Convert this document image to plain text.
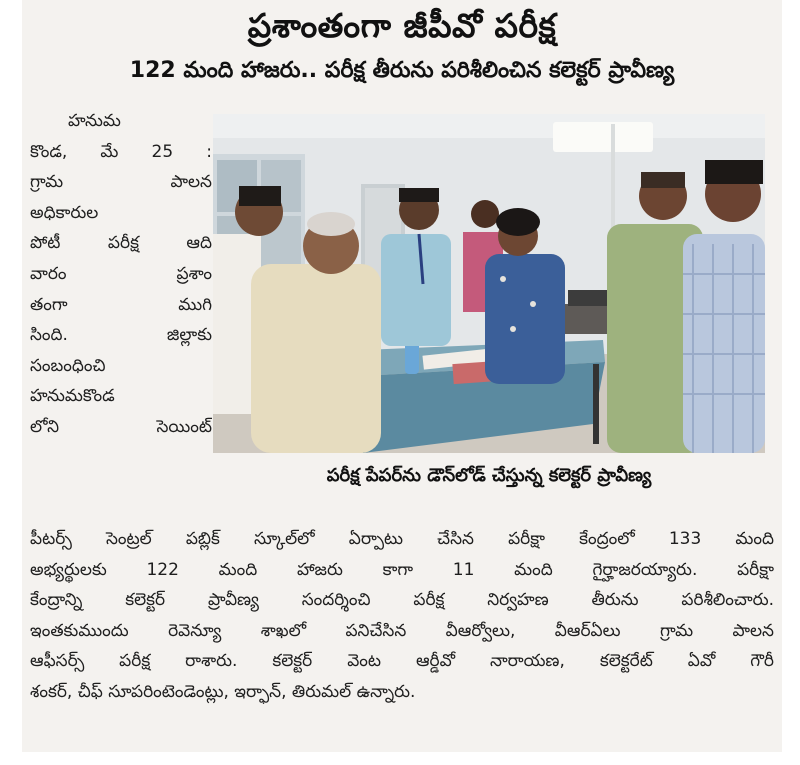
ప్రశాంతంగా జీపీవో పరీక్ష
122 మంది హాజరు.. పరీక్ష తీరును పరిశీలించిన కలెక్టర్ ప్రావీణ్య
హనుమ
కొండ, మే 25 :
గ్రామ పాలన
అధికారుల
పోటీ పరీక్ష ఆది
వారం ప్రశాం
తంగా ముగి
సింది. జిల్లాకు
సంబంధించి
హనుమకొండ
లోని సెయింట్
పరీక్ష పేపర్‌ను డౌన్‌లోడ్ చేస్తున్న కలెక్టర్ ప్రావీణ్య
పీటర్స్ సెంట్రల్ పబ్లిక్ స్కూల్‌లో ఏర్పాటు చేసిన పరీక్షా కేంద్రంలో 133 మంది
అభ్యర్థులకు 122 మంది హాజరు కాగా 11 మంది గైర్హాజరయ్యారు. పరీక్షా
కేంద్రాన్ని కలెక్టర్ ప్రావీణ్య సందర్శించి పరీక్ష నిర్వహణ తీరును పరిశీలించారు.
ఇంతకుముందు రెవెన్యూ శాఖలో పనిచేసిన వీఆర్వోలు, వీఆర్ఏలు గ్రామ పాలన
ఆఫీసర్స్ పరీక్ష రాశారు. కలెక్టర్ వెంట ఆర్డీవో నారాయణ, కలెక్టరేట్ ఏవో గౌరీ
శంకర్, చీఫ్ సూపరింటెండెంట్లు, ఇర్ఫాన్, తిరుమల్ ఉన్నారు.
